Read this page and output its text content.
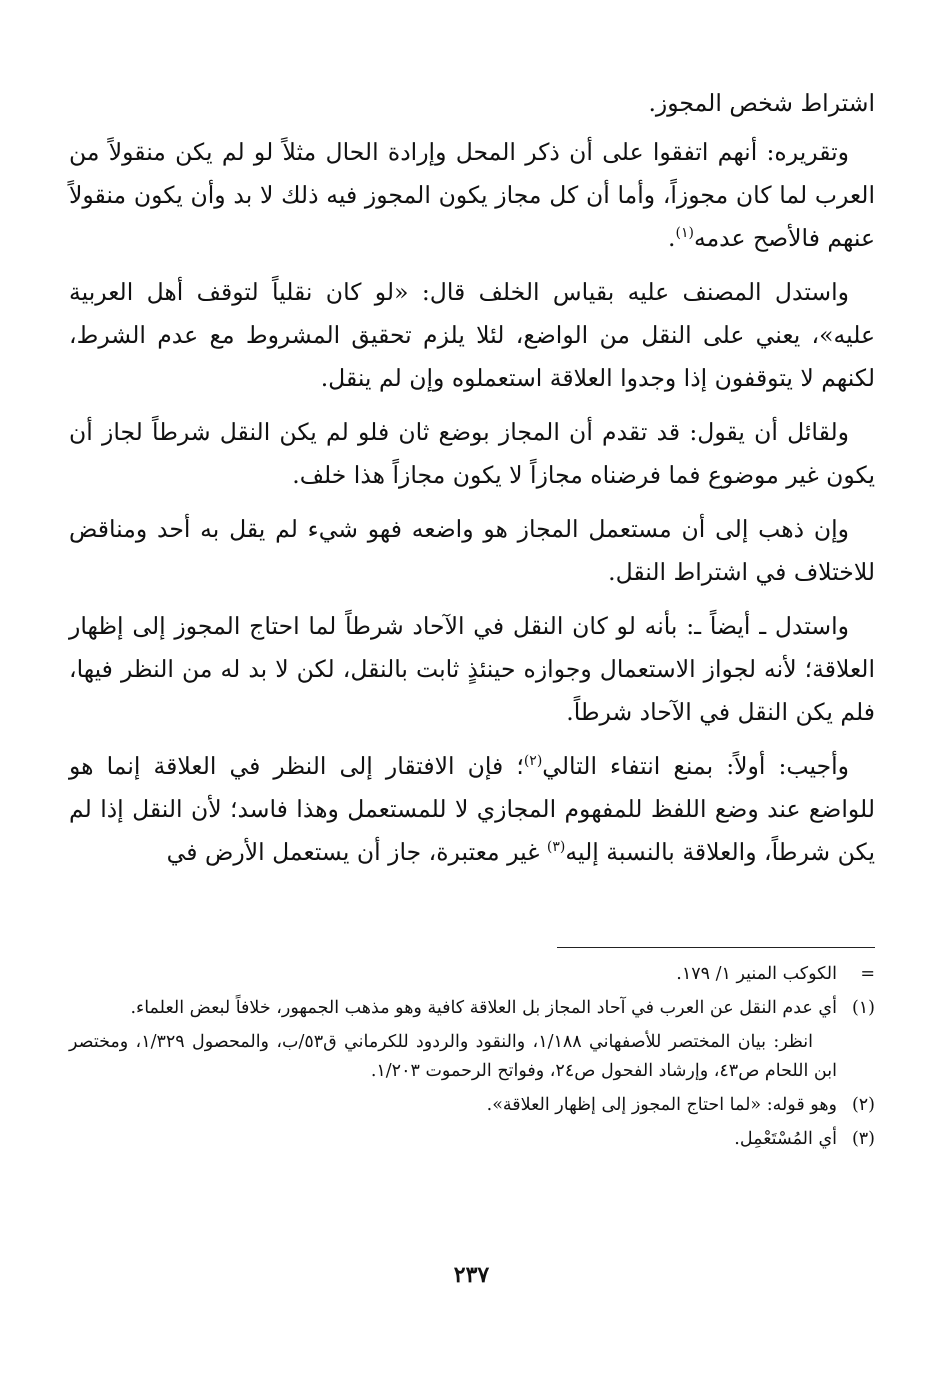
اشتراط شخص المجوز.

وتقريره: أنهم اتفقوا على أن ذكر المحل وإرادة الحال مثلاً لو لم يكن منقولاً من العرب لما كان مجوزاً، وأما أن كل مجاز يكون المجوز فيه ذلك لا بد وأن يكون منقولاً عنهم فالأصح عدمه$^{(١)}$.

واستدل المصنف عليه بقياس الخلف قال: «لو كان نقلياً لتوقف أهل العربية عليه»، يعني على النقل من الواضع، لئلا يلزم تحقيق المشروط مع عدم الشرط، لكنهم لا يتوقفون إذا وجدوا العلاقة استعملوه وإن لم ينقل.

ولقائل أن يقول: قد تقدم أن المجاز بوضع ثان فلو لم يكن النقل شرطاً لجاز أن يكون غير موضوع فما فرضناه مجازاً لا يكون مجازاً هذا خلف.

وإن ذهب إلى أن مستعمل المجاز هو واضعه فهو شيء لم يقل به أحد ومناقض للاختلاف في اشتراط النقل.

واستدل ـ أيضاً ـ: بأنه لو كان النقل في الآحاد شرطاً لما احتاج المجوز إلى إظهار العلاقة؛ لأنه لجواز الاستعمال وجوازه حينئذٍ ثابت بالنقل، لكن لا بد له من النظر فيها، فلم يكن النقل في الآحاد شرطاً.

وأجيب: أولاً: بمنع انتفاء التالي$^{(٢)}$؛ فإن الافتقار إلى النظر في العلاقة إنما هو للواضع عند وضع اللفظ للمفهوم المجازي لا للمستعمل وهذا فاسد؛ لأن النقل إذا لم يكن شرطاً، والعلاقة بالنسبة إليه$^{(٣)}$ غير معتبرة، جاز أن يستعمل الأرض في

=
الكوكب المنير ١/ ١٧٩.
(١)
أي عدم النقل عن العرب في آحاد المجاز بل العلاقة كافية وهو مذهب الجمهور، خلافاً لبعض العلماء.
انظر: بيان المختصر للأصفهاني ١/١٨٨، والنقود والردود للكرماني ق٥٣/ب، والمحصول ١/٣٢٩، ومختصر ابن اللحام ص٤٣، وإرشاد الفحول ص٢٤، وفواتح الرحموت ١/٢٠٣.
(٢)
وهو قوله: «لما احتاج المجوز إلى إظهار العلاقة».
(٣)
أي المُسْتَعْمِل.
٢٣٧
